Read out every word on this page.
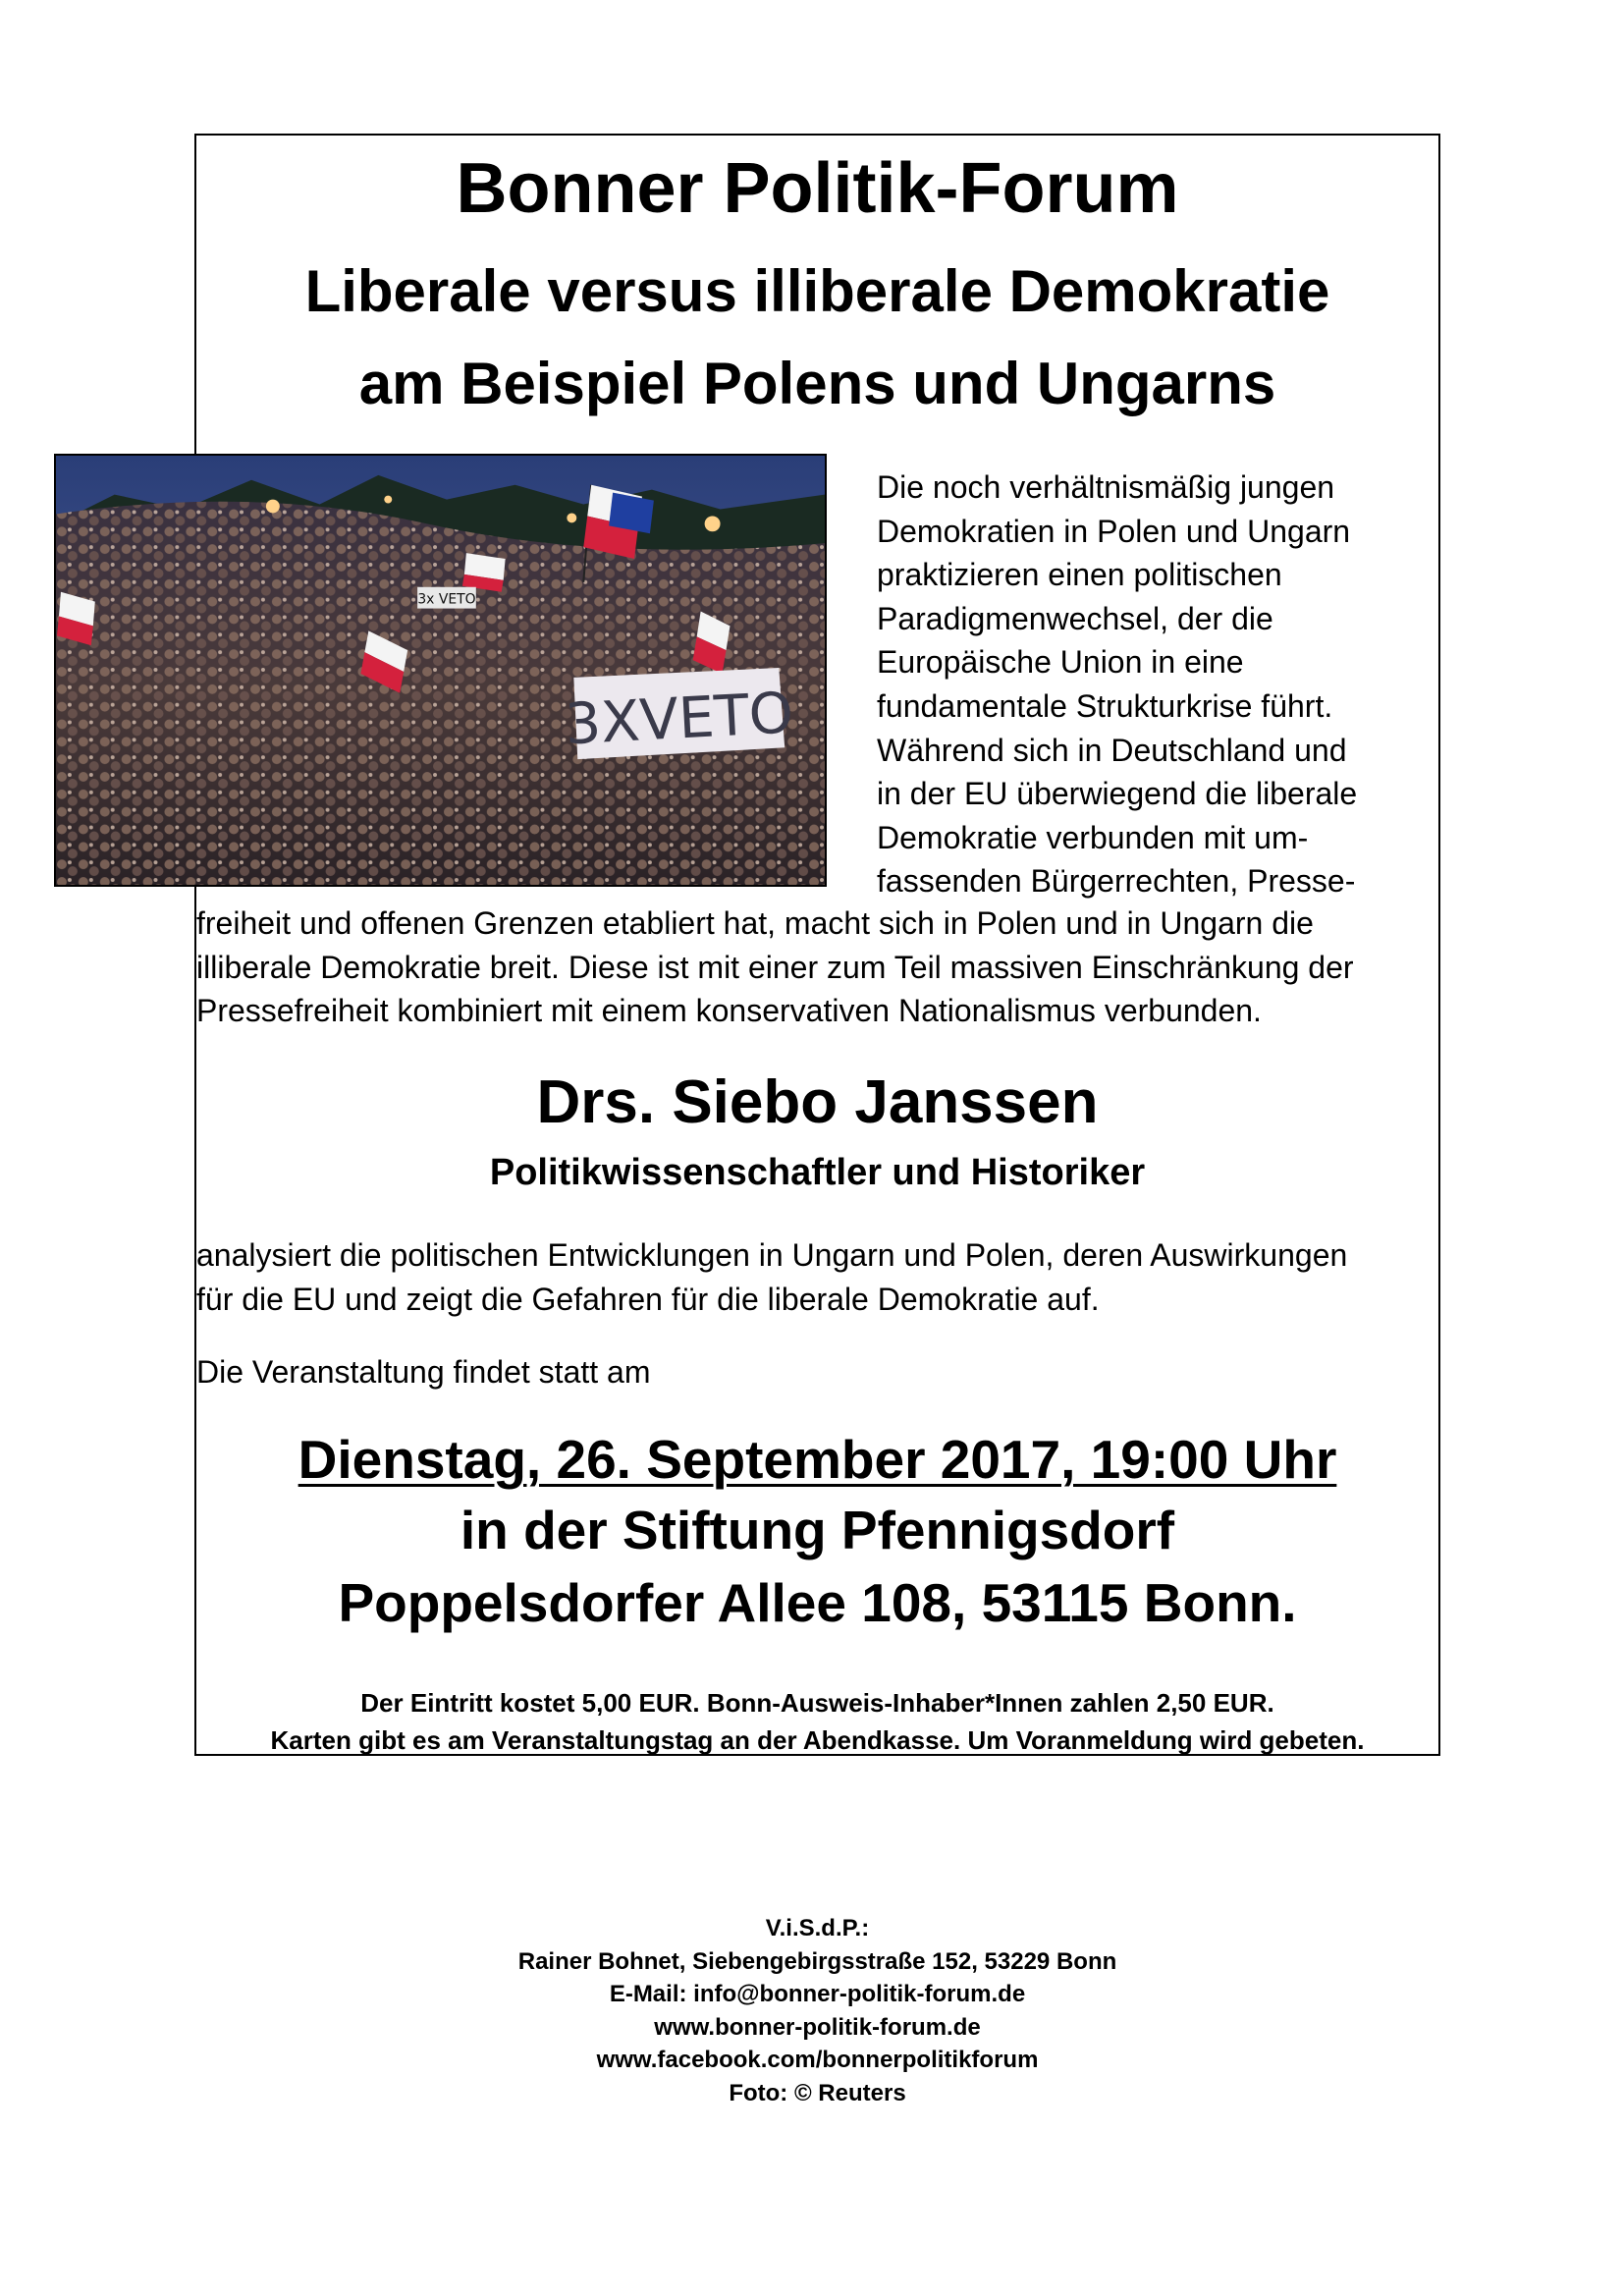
Bonner Politik-Forum
Liberale versus illiberale Demokratie
am Beispiel Polens und Ungarns
3x VETO
3XVETO

Die noch verhältnismäßig jungen
Demokratien in Polen und Ungarn
praktizieren einen politischen
Paradigmenwechsel, der die
Europäische Union in eine
fundamentale Strukturkrise führt.
Während sich in Deutschland und
in der EU überwiegend die liberale
Demokratie verbunden mit um-
fassenden Bürgerrechten, Presse-

freiheit und offenen Grenzen etabliert hat, macht sich in Polen und in Ungarn die
illiberale Demokratie breit. Diese ist mit einer zum Teil massiven Einschränkung der
Pressefreiheit kombiniert mit einem konservativen Nationalismus verbunden.

Drs. Siebo Janssen
Politikwissenschaftler und Historiker

analysiert die politischen Entwicklungen in Ungarn und Polen, deren Auswirkungen
für die EU und zeigt die Gefahren für die liberale Demokratie auf.

Die Veranstaltung findet statt am

Dienstag, 26. September 2017, 19:00 Uhr

in der Stiftung Pfennigsdorf

Poppelsdorfer Allee 108, 53115 Bonn.

Der Eintritt kostet 5,00 EUR. Bonn-Ausweis-Inhaber*Innen zahlen 2,50 EUR.
Karten gibt es am Veranstaltungstag an der Abendkasse. Um Voranmeldung wird gebeten.

V.i.S.d.P.:
Rainer Bohnet, Siebengebirgsstraße 152, 53229 Bonn
E-Mail: info@bonner-politik-forum.de
www.bonner-politik-forum.de
www.facebook.com/bonnerpolitikforum
Foto: © Reuters
